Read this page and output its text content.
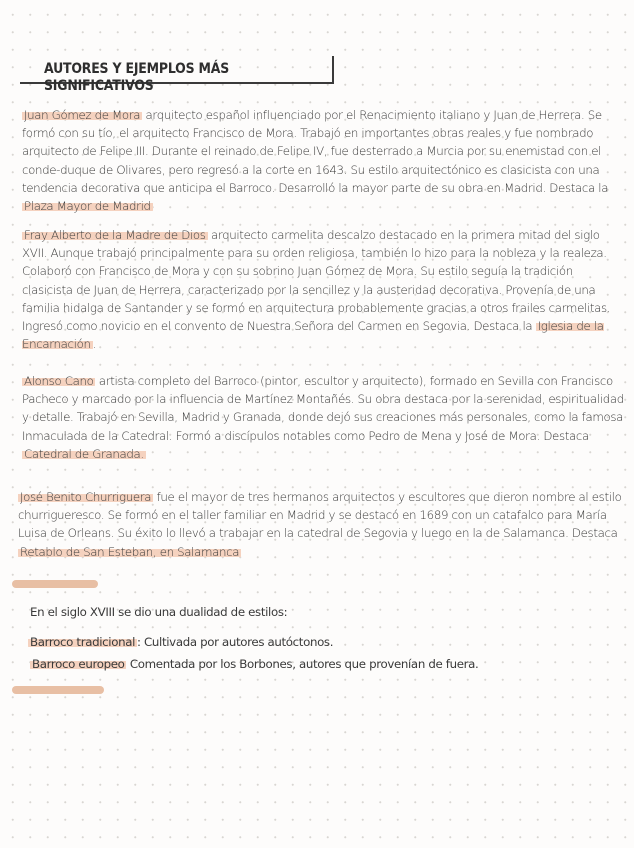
AUTORES Y EJEMPLOS MÁS SIGNIFICATIVOS
Juan Gómez de Mora arquitecto español influenciado por el Renacimiento italiano y Juan de Herrera. Se formó con su tío, el arquitecto Francisco de Mora. Trabajó en importantes obras reales y fue nombrado arquitecto de Felipe III. Durante el reinado de Felipe IV, fue desterrado a Murcia por su enemistad con el conde-duque de Olivares, pero regresó a la corte en 1643. Su estilo arquitectónico es clasicista con una tendencia decorativa que anticipa el Barroco. Desarrolló la mayor parte de su obra en Madrid. Destaca la Plaza Mayor de Madrid
Fray Alberto de la Madre de Dios arquitecto carmelita descalzo destacado en la primera mitad del siglo XVII. Aunque trabajó principalmente para su orden religiosa, también lo hizo para la nobleza y la realeza. Colaboró con Francisco de Mora y con su sobrino Juan Gómez de Mora. Su estilo seguía la tradición clasicista de Juan de Herrera, caracterizado por la sencillez y la austeridad decorativa. Provenía de una familia hidalga de Santander y se formó en arquitectura probablemente gracias a otros frailes carmelitas. Ingresó como novicio en el convento de Nuestra Señora del Carmen en Segovia. Destaca la Iglesia de la Encarnación .
Alonso Cano artista completo del Barroco (pintor, escultor y arquitecto), formado en Sevilla con Francisco Pacheco y marcado por la influencia de Martínez Montañés. Su obra destaca por la serenidad, espiritualidad y detalle. Trabajó en Sevilla, Madrid y Granada, donde dejó sus creaciones más personales, como la famosa Inmaculada de la Catedral. Formó a discípulos notables como Pedro de Mena y José de Mora. Destaca Catedral de Granada.
José Benito Churriguera fue el mayor de tres hermanos arquitectos y escultores que dieron nombre al estilo churrigueresco. Se formó en el taller familiar en Madrid y se destacó en 1689 con un catafalco para María Luisa de Orleans. Su éxito lo llevó a trabajar en la catedral de Segovia y luego en la de Salamanca. Destaca Retablo de San Esteban, en Salamanca
En el siglo XVIII se dio una dualidad de estilos:
Barroco tradicional : Cultivada por autores autóctonos.
Barroco europeo Comentada por los Borbones, autores que provenían de fuera.
